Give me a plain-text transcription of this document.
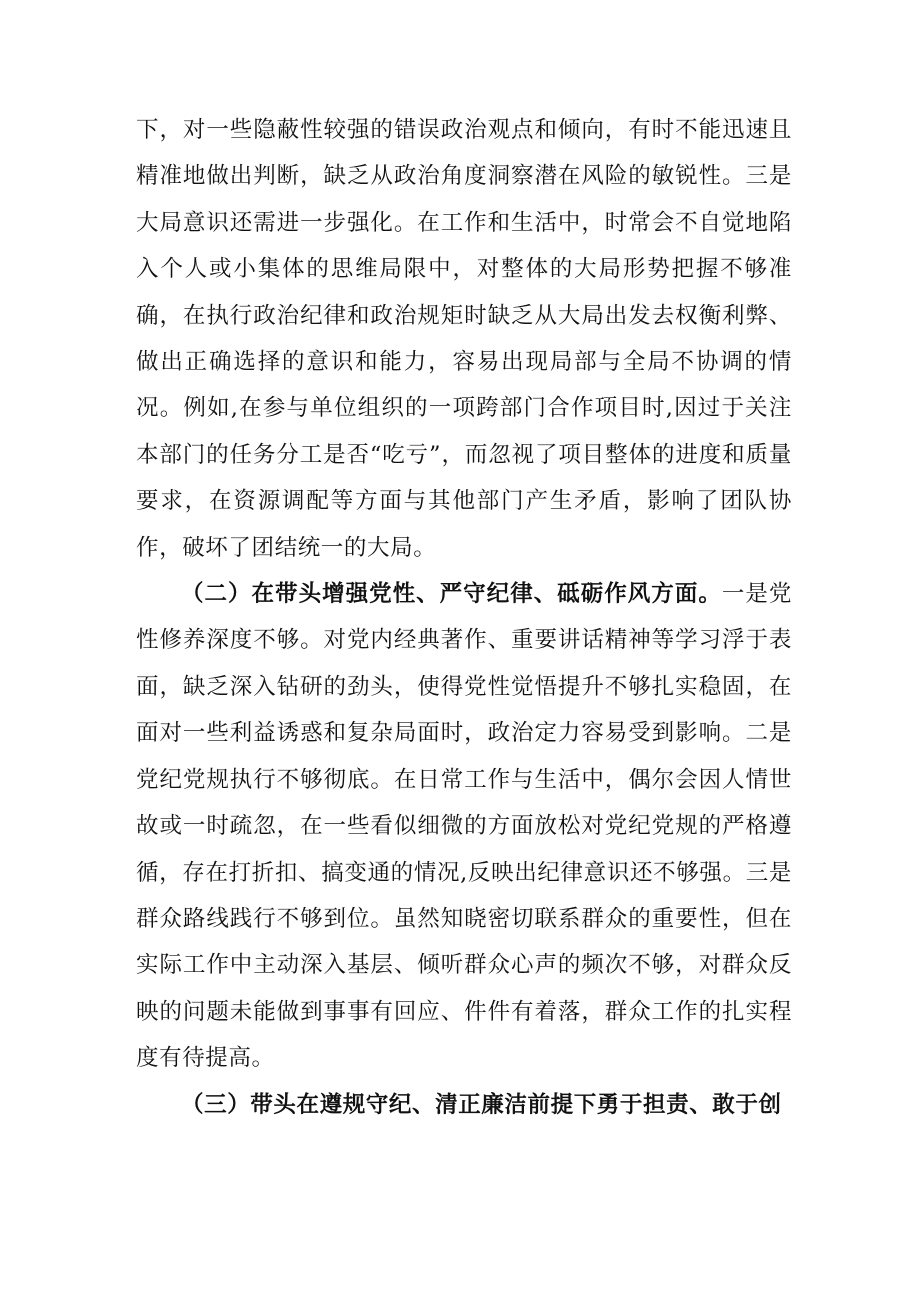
下，对一些隐蔽性较强的错误政治观点和倾向，有时不能迅速且精准地做出判断，缺乏从政治角度洞察潜在风险的敏锐性。三是大局意识还需进一步强化。在工作和生活中，时常会不自觉地陷入个人或小集体的思维局限中，对整体的大局形势把握不够准确，在执行政治纪律和政治规矩时缺乏从大局出发去权衡利弊、做出正确选择的意识和能力，容易出现局部与全局不协调的情况。例如,在参与单位组织的一项跨部门合作项目时,因过于关注本部门的任务分工是否“吃亏”，而忽视了项目整体的进度和质量要求，在资源调配等方面与其他部门产生矛盾，影响了团队协作，破坏了团结统一的大局。

（二）在带头增强党性、严守纪律、砥砺作风方面。一是党性修养深度不够。对党内经典著作、重要讲话精神等学习浮于表面，缺乏深入钻研的劲头，使得党性觉悟提升不够扎实稳固，在面对一些利益诱惑和复杂局面时，政治定力容易受到影响。二是党纪党规执行不够彻底。在日常工作与生活中，偶尔会因人情世故或一时疏忽，在一些看似细微的方面放松对党纪党规的严格遵循，存在打折扣、搞变通的情况,反映出纪律意识还不够强。三是群众路线践行不够到位。虽然知晓密切联系群众的重要性，但在实际工作中主动深入基层、倾听群众心声的频次不够，对群众反映的问题未能做到事事有回应、件件有着落，群众工作的扎实程度有待提高。

（三）带头在遵规守纪、清正廉洁前提下勇于担责、敢于创
